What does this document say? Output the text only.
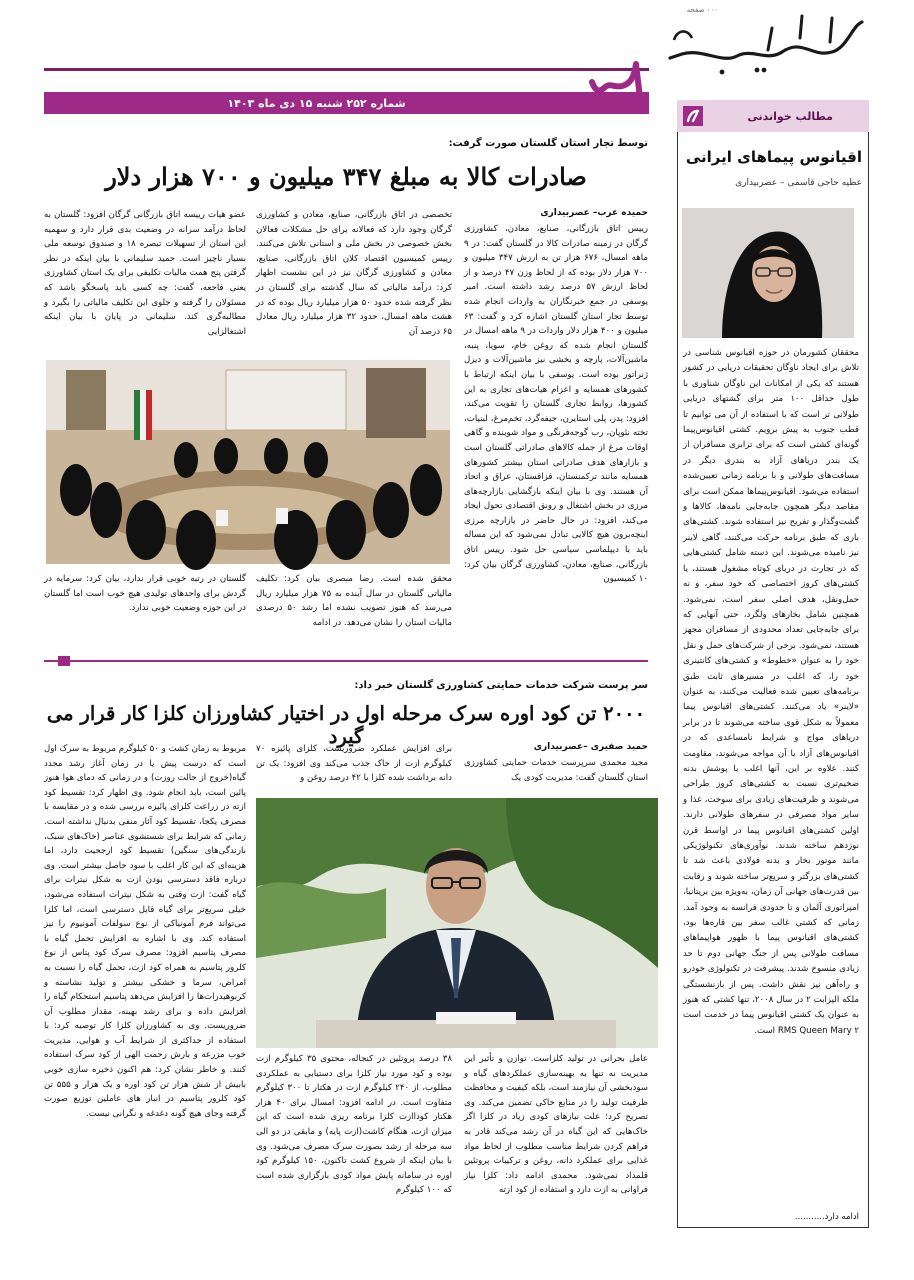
۰۰۰ صفحه
۳
شماره ۲۵۲ شنبه ۱۵ دی ماه ۱۴۰۳
مطالب خواندنی
اقیانوس پیماهای ایرانی
عطیه حاجی قاسمی – عصربیداری
محققان کشورمان در حوزه اقیانوس شناسی در تلاش برای ایجاد ناوگان تحقیقات دریایی در کشور هستند که یکی از امکانات این ناوگان شناوری با طول حداقل ۱۰۰ متر برای گشتهای دریایی طولانی تر است که با استفاده از آن می توانیم تا قطب جنوب به پیش برویم. کشتی اقیانوس‌پیما گونه‌ای کشتی است که برای ترابری مسافران از یک بندر دریاهای آزاد به بندری دیگر در مسافت‌های طولانی و با برنامه زمانی تعیین‌شده استفاده می‌شود. اقیانوس‌پیماها ممکن است برای مقاصد دیگر همچون جابه‌جایی نامه‌ها، کالاها و گشت‌وگذار و تفریح نیز استفاده شوند. کشتی‌های باری که طبق برنامه حرکت می‌کنند، گاهی لاینر نیز نامیده می‌شوند. این دسته شامل کشتی‌هایی که در تجارت در دریای کوتاه مشغول هستند، یا کشتی‌های کروز اختصاصی که خود سفر، و نه حمل‌ونقل، هدف اصلی سفر است، نمی‌شود. همچنین شامل بخارهای ولگرد، حتی آنهایی که برای جابه‌جایی تعداد محدودی از مسافران مجهز هستند، نمی‌شود. برخی از شرکت‌های حمل و نقل خود را به عنوان «خطوط» و کشتی‌های کانتینری خود را، که اغلب در مسیرهای ثابت طبق برنامه‌های تعیین شده فعالیت می‌کنند، به عنوان «لاینر» یاد می‌کنند. کشتی‌های اقیانوس پیما معمولاً به شکل قوی ساخته می‌شوند تا در برابر دریاهای مواج و شرایط نامساعدی که در اقیانوس‌های آزاد با آن مواجه می‌شوند، مقاومت کنند. علاوه بر این، آنها اغلب با پوشش بدنه ضخیم‌تری نسبت به کشتی‌های کروز طراحی می‌شوند و ظرفیت‌های زیادی برای سوخت، غذا و سایر مواد مصرفی در سفرهای طولانی دارند. اولین کشتی‌های اقیانوس پیما در اواسط قرن نوزدهم ساخته شدند. نوآوری‌های تکنولوژیکی مانند موتور بخار و بدنه فولادی باعث شد تا کشتی‌های بزرگتر و سریع‌تر ساخته شوند و رقابت بین قدرت‌های جهانی آن زمان، به‌ویژه بین بریتانیا، امپراتوری آلمان و تا حدودی فرانسه به وجود آمد. زمانی که کشتی غالب سفر بین قاره‌ها بود، کشتی‌های اقیانوس پیما با ظهور هواپیماهای مسافت طولانی پس از جنگ جهانی دوم تا حد زیادی منسوخ شدند. پیشرفت در تکنولوژی خودرو و راه‌آهن نیز نقش داشت. پس از بازنشستگی ملکه الیزابت ۲ در سال ۲۰۰۸، تنها کشتی که هنوز به عنوان یک کشتی اقیانوس پیما در خدمت است RMS Queen Mary ۲ است.
ادامه دارد...........
توسط تجار استان گلستان صورت گرفت:
صادرات کالا به مبلغ ۳۴۷ میلیون و ۷۰۰ هزار دلار
حمیده عرب– عصربیداری
رییس اتاق بازرگانی، صنایع، معادن، کشاورزی گرگان در زمینه صادرات کالا در گلستان گفت: در ۹ ماهه امسال، ۶۷۶ هزار تن به ارزش ۳۴۷ میلیون و ۷۰۰ هزار دلار بوده که از لحاظ وزن ۴۷ درصد و از لحاظ ارزش ۵۷ درصد رشد داشته است. امیر یوسفی در جمع خبرنگاران به واردات انجام شده توسط تجار استان گلستان اشاره کرد و گفت: ۶۳ میلیون و ۴۰۰ هزار دلار واردات در ۹ ماهه امسال در گلستان انجام شده که روغن خام، سویا، پنبه، ماشین‌آلات، پارچه و بخشی نیز ماشین‌آلات و دیزل ژنراتور بوده است. یوسفی با بیان اینکه ارتباط با کشورهای همسایه و اعزام هیات‌های تجاری به این کشورها، روابط تجاری گلستان را تقویت می‌کند، افزود: پدر، پلی استایرن، جیفه‌گرد، تخم‌مرغ، لبنیات، تخته نئوپان، رب گوجه‌فرنگی و مواد شوینده و گاهی اوقات مرغ از جمله کالاهای صادراتی گلستان است و بازارهای هدف صادراتی استان بیشتر کشورهای همسایه مانند ترکمنستان، قزاقستان، عراق و اتحاد آن هستند. وی با بیان اینکه بازگشایی بازارچه‌های مرزی در بخش اشتغال و رونق اقتصادی تحول ایجاد می‌کند، افزود: در حال حاضر در بازارچه مرزی اینچه‌برون هیچ کالایی تبادل نمی‌شود که این مساله باید با دیپلماسی سیاسی حل شود. رییس اتاق بازرگانی، صنایع، معادن، کشاورزی گرگان بیان کرد: ۱۰ کمیسیون
تخصصی در اتاق بازرگانی، صنایع، معادن و کشاورزی گرگان وجود دارد که فعالانه برای حل مشکلات فعالان بخش خصوصی در بخش ملی و استانی تلاش می‌کنند. رییس کمیسیون اقتصاد کلان اتاق بازرگانی، صنایع، معادن و کشاورزی گرگان نیز در این نشست اظهار کرد: درآمد مالیاتی که سال گذشته برای گلستان در نظر گرفته شده حدود ۵۰ هزار میلیارد ریال بوده که در هشت ماهه امسال، حدود ۳۲ هزار میلیارد ریال معادل ۶۵ درصد آن
عضو هیات رییسه اتاق بازرگانی گرگان افزود: گلستان به لحاظ درآمد سرانه در وضعیت بدی قرار دارد و سهمیه این استان از تسهیلات تبصره ۱۸ و صندوق توسعه ملی بسیار ناچیز است. حمید سلیمانی با بیان اینکه در نظر گرفتن پنج همت مالیات تکلیفی برای یک استان کشاورزی یعنی فاجعه، گفت: چه کسی باید پاسخگو باشد که مسئولان را گرفته و جلوی این تکلیف مالیاتی را بگیرد و مطالبه‌گری کند. سلیمانی در پایان با بیان اینکه اشتغالزایی
محقق شده است. رضا مبصری بیان کرد: تکلیف مالیاتی گلستان در سال آینده به ۷۵ هزار میلیارد ریال می‌رسد که هنوز تصویب نشده اما رشد ۵۰ درصدی مالیات استان را نشان می‌دهد. در ادامه
گلستان در رتبه خوبی قرار ندارد، بیان کرد: سرمایه در گردش برای واحدهای تولیدی هیچ خوب است اما گلستان در این حوزه وضعیت خوبی ندارد.
سر پرست شرکت خدمات حمایتی کشاورزی گلستان خبر داد:
۲۰۰۰ تن کود اوره سرک مرحله اول در اختیار کشاورزان کلزا کار قرار می گیرد	حمید صفیری –عصربیداری
مجید محمدی سرپرست خدمات حمایتی کشاورزی استان گلستان گفت: مدیریت کودی یک
برای افزایش عملکرد ضروریست، کلزای پائیزه ۷۰ کیلوگرم ازت از خاک جذب می‌کند وی افزود: یک تن دانه برداشت شده کلزا با ۴۲ درصد روغن و
مربوط به زمان کشت و ۵۰ کیلوگرم مربوط به سرک اول است که درست پیش یا در زمان آغاز رشد مجدد گیاه(خروج از حالت روزت) و در زمانی که دمای هوا هنوز پائین است، باید انجام شود. وی اظهار کرد: تقسیط کود ازته در زراعت کلزای پائیزه بررسی شده و در مقایسه با مصرف یکجا، تقسیط کود آثار منفی بدنبال نداشته است. زمانی که شرایط برای شستشوی عناصر (خاک‌های سبک، بارندگی‌های سنگین) تقسیط کود ارجحیت دارد، اما هزینه‌ای که این کار اغلب با سود حاصل بیشتر است. وی درباره فاقد دسترسی بودن ازت به شکل نیترات برای گیاه گفت: ازت وقتی به شکل نیترات استفاده می‌شود، خیلی سریع‌تر برای گیاه قابل دسترسی است، اما کلزا می‌تواند فرم آمونیاکی از نوع سولفات آمونیوم را نیز استفاده کند. وی با اشاره به افزایش تحمل گیاه با مصرف پتاسیم افزود: مصرف سرک کود پتاس از نوع کلرور پتاسیم به همراه کود ازت، تحمل گیاه را نسبت به امراض، سرما و خشکی بیشتر و تولید نشاسته و کربوهیدرات‌ها را افزایش می‌دهد پتاسیم استحکام گیاه را افزایش داده و برای رشد بهینه، مقدار مطلوب آن ضروریست. وی به کشاورزان کلزا کار توصیه کرد: با استفاده از حداکثری از شرایط آب و هوایی، مدیریت خوب مزرعه و بارش رحمت الهی از کود سرک استفاده کنند. و خاطر نشان کرد: هم اکنون ذخیره سازی خوبی بابیش از شش هزار تن کود اوره و یک هزار و ۵۵۵ تن کود کلرور پتاسیم در انبار های عاملین توزیع صورت گرفته وجای هیچ گونه دغدغه و نگرانی نیست.
عامل بحرانی در تولید کلزاست. توازن و تأثیر این مدیریت نه تنها به بهینه‌سازی عملکردهای گیاه و سودبخشی آن نیازمند است، بلکه کیفیت و محافظت ظرفیت تولید را در منابع خاکی تضمین می‌کند. وی تصریح کرد: علت نیازهای کودی زیاد در کلزا اگر خاک‌هایی که این گیاه در آن رشد می‌کند قادر به فراهم کردن شرایط مناسب مطلوب از لحاظ مواد غذایی برای عملکرد دانه، روغن و ترکیبات پروتئین قلمداد نمی‌شود. محمدی ادامه داد: کلزا نیاز فراوانی به ازت دارد و استفاده از کود ازته
۳۸ درصد پروتئین در کنجاله، محتوی ۳۵ کیلوگرم ازت بوده و کود مورد نیاز کلزا برای دستیابی به عملکردی مطلوب، از ۲۴۰ کیلوگرم ازت در هکتار تا ۳۰۰ کیلوگرم متفاوت است. در ادامه افزود: امسال برای ۴۰ هزار هکتار کوداازت کلزا برنامه ریزی شده است که این میزان ازت، هنگام کاشت(ازت پایه) و مابقی در دو الی سه مرحله از رشد بصورت سرک مصرف می‌شود. وی با بیان اینکه از شروع کشت تاکنون، ۱۵۰ کیلوگرم کود اوره در سامانه پایش مواد کودی بارگزاری شده است که ۱۰۰ کیلوگرم
